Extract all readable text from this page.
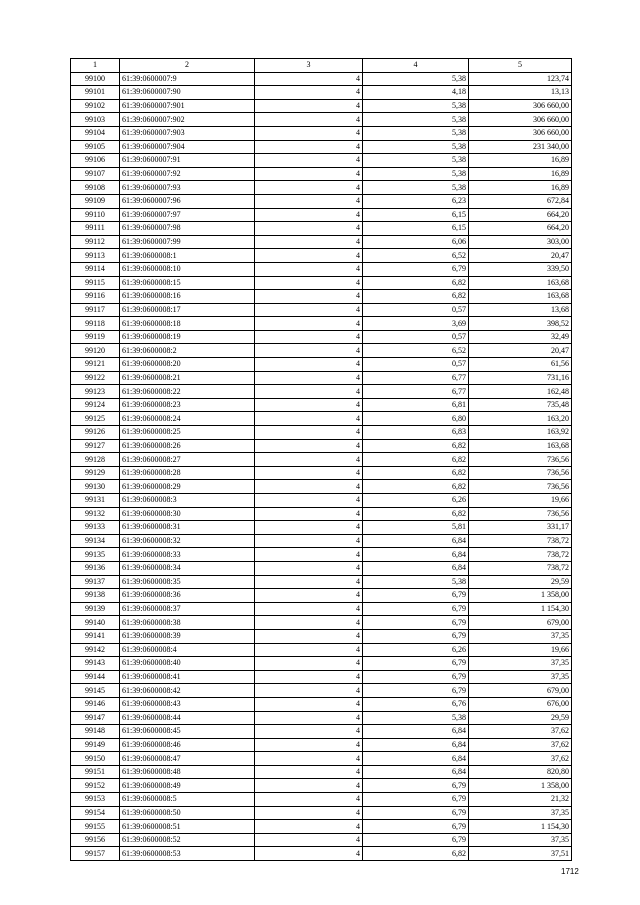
1	2	3	4	5
99100	61:39:0600007:9	4	5,38	123,74
99101	61:39:0600007:90	4	4,18	13,13
99102	61:39:0600007:901	4	5,38	306 660,00
99103	61:39:0600007:902	4	5,38	306 660,00
99104	61:39:0600007:903	4	5,38	306 660,00
99105	61:39:0600007:904	4	5,38	231 340,00
99106	61:39:0600007:91	4	5,38	16,89
99107	61:39:0600007:92	4	5,38	16,89
99108	61:39:0600007:93	4	5,38	16,89
99109	61:39:0600007:96	4	6,23	672,84
99110	61:39:0600007:97	4	6,15	664,20
99111	61:39:0600007:98	4	6,15	664,20
99112	61:39:0600007:99	4	6,06	303,00
99113	61:39:0600008:1	4	6,52	20,47
99114	61:39:0600008:10	4	6,79	339,50
99115	61:39:0600008:15	4	6,82	163,68
99116	61:39:0600008:16	4	6,82	163,68
99117	61:39:0600008:17	4	0,57	13,68
99118	61:39:0600008:18	4	3,69	398,52
99119	61:39:0600008:19	4	0,57	32,49
99120	61:39:0600008:2	4	6,52	20,47
99121	61:39:0600008:20	4	0,57	61,56
99122	61:39:0600008:21	4	6,77	731,16
99123	61:39:0600008:22	4	6,77	162,48
99124	61:39:0600008:23	4	6,81	735,48
99125	61:39:0600008:24	4	6,80	163,20
99126	61:39:0600008:25	4	6,83	163,92
99127	61:39:0600008:26	4	6,82	163,68
99128	61:39:0600008:27	4	6,82	736,56
99129	61:39:0600008:28	4	6,82	736,56
99130	61:39:0600008:29	4	6,82	736,56
99131	61:39:0600008:3	4	6,26	19,66
99132	61:39:0600008:30	4	6,82	736,56
99133	61:39:0600008:31	4	5,81	331,17
99134	61:39:0600008:32	4	6,84	738,72
99135	61:39:0600008:33	4	6,84	738,72
99136	61:39:0600008:34	4	6,84	738,72
99137	61:39:0600008:35	4	5,38	29,59
99138	61:39:0600008:36	4	6,79	1 358,00
99139	61:39:0600008:37	4	6,79	1 154,30
99140	61:39:0600008:38	4	6,79	679,00
99141	61:39:0600008:39	4	6,79	37,35
99142	61:39:0600008:4	4	6,26	19,66
99143	61:39:0600008:40	4	6,79	37,35
99144	61:39:0600008:41	4	6,79	37,35
99145	61:39:0600008:42	4	6,79	679,00
99146	61:39:0600008:43	4	6,76	676,00
99147	61:39:0600008:44	4	5,38	29,59
99148	61:39:0600008:45	4	6,84	37,62
99149	61:39:0600008:46	4	6,84	37,62
99150	61:39:0600008:47	4	6,84	37,62
99151	61:39:0600008:48	4	6,84	820,80
99152	61:39:0600008:49	4	6,79	1 358,00
99153	61:39:0600008:5	4	6,79	21,32
99154	61:39:0600008:50	4	6,79	37,35
99155	61:39:0600008:51	4	6,79	1 154,30
99156	61:39:0600008:52	4	6,79	37,35
99157	61:39:0600008:53	4	6,82	37,51
1712
